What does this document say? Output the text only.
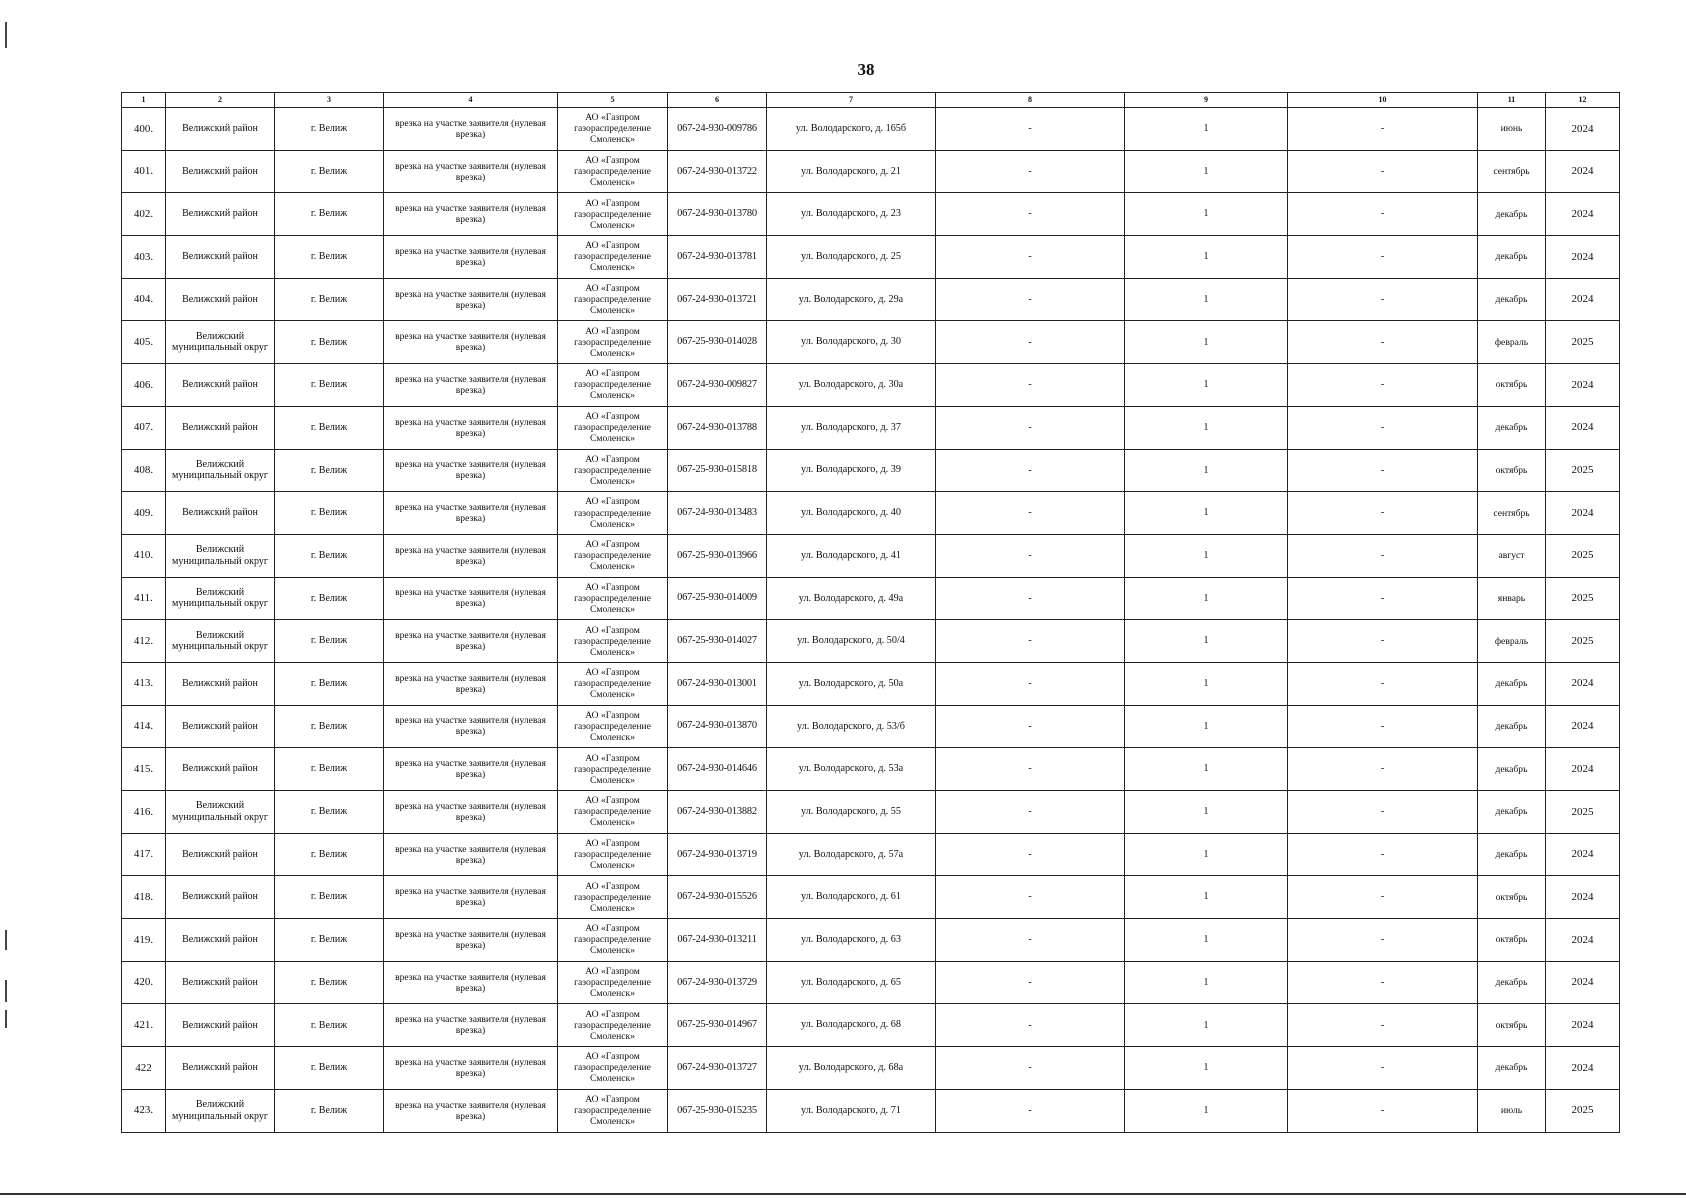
38
1	2	3	4	5	6	7	8	9	10	11	12
400.	Велижский район	г. Велиж	врезка на участке заявителя (нулевая врезка)	АО «Газпром газораспределение Смоленск»	067-24-930-009786	ул. Володарского, д. 165б	-	1	-	июнь	2024
401.	Велижский район	г. Велиж	врезка на участке заявителя (нулевая врезка)	АО «Газпром газораспределение Смоленск»	067-24-930-013722	ул. Володарского, д. 21	-	1	-	сентябрь	2024
402.	Велижский район	г. Велиж	врезка на участке заявителя (нулевая врезка)	АО «Газпром газораспределение Смоленск»	067-24-930-013780	ул. Володарского, д. 23	-	1	-	декабрь	2024
403.	Велижский район	г. Велиж	врезка на участке заявителя (нулевая врезка)	АО «Газпром газораспределение Смоленск»	067-24-930-013781	ул. Володарского, д. 25	-	1	-	декабрь	2024
404.	Велижский район	г. Велиж	врезка на участке заявителя (нулевая врезка)	АО «Газпром газораспределение Смоленск»	067-24-930-013721	ул. Володарского, д. 29а	-	1	-	декабрь	2024
405.	Велижский муниципальный округ	г. Велиж	врезка на участке заявителя (нулевая врезка)	АО «Газпром газораспределение Смоленск»	067-25-930-014028	ул. Володарского, д. 30	-	1	-	февраль	2025
406.	Велижский район	г. Велиж	врезка на участке заявителя (нулевая врезка)	АО «Газпром газораспределение Смоленск»	067-24-930-009827	ул. Володарского, д. 30а	-	1	-	октябрь	2024
407.	Велижский район	г. Велиж	врезка на участке заявителя (нулевая врезка)	АО «Газпром газораспределение Смоленск»	067-24-930-013788	ул. Володарского, д. 37	-	1	-	декабрь	2024
408.	Велижский муниципальный округ	г. Велиж	врезка на участке заявителя (нулевая врезка)	АО «Газпром газораспределение Смоленск»	067-25-930-015818	ул. Володарского, д. 39	-	1	-	октябрь	2025
409.	Велижский район	г. Велиж	врезка на участке заявителя (нулевая врезка)	АО «Газпром газораспределение Смоленск»	067-24-930-013483	ул. Володарского, д. 40	-	1	-	сентябрь	2024
410.	Велижский муниципальный округ	г. Велиж	врезка на участке заявителя (нулевая врезка)	АО «Газпром газораспределение Смоленск»	067-25-930-013966	ул. Володарского, д. 41	-	1	-	август	2025
411.	Велижский муниципальный округ	г. Велиж	врезка на участке заявителя (нулевая врезка)	АО «Газпром газораспределение Смоленск»	067-25-930-014009	ул. Володарского, д. 49а	-	1	-	январь	2025
412.	Велижский муниципальный округ	г. Велиж	врезка на участке заявителя (нулевая врезка)	АО «Газпром газораспределение Смоленск»	067-25-930-014027	ул. Володарского, д. 50/4	-	1	-	февраль	2025
413.	Велижский район	г. Велиж	врезка на участке заявителя (нулевая врезка)	АО «Газпром газораспределение Смоленск»	067-24-930-013001	ул. Володарского, д. 50а	-	1	-	декабрь	2024
414.	Велижский район	г. Велиж	врезка на участке заявителя (нулевая врезка)	АО «Газпром газораспределение Смоленск»	067-24-930-013870	ул. Володарского, д. 53/б	-	1	-	декабрь	2024
415.	Велижский район	г. Велиж	врезка на участке заявителя (нулевая врезка)	АО «Газпром газораспределение Смоленск»	067-24-930-014646	ул. Володарского, д. 53а	-	1	-	декабрь	2024
416.	Велижский муниципальный округ	г. Велиж	врезка на участке заявителя (нулевая врезка)	АО «Газпром газораспределение Смоленск»	067-24-930-013882	ул. Володарского, д. 55	-	1	-	декабрь	2025
417.	Велижский район	г. Велиж	врезка на участке заявителя (нулевая врезка)	АО «Газпром газораспределение Смоленск»	067-24-930-013719	ул. Володарского, д. 57а	-	1	-	декабрь	2024
418.	Велижский район	г. Велиж	врезка на участке заявителя (нулевая врезка)	АО «Газпром газораспределение Смоленск»	067-24-930-015526	ул. Володарского, д. 61	-	1	-	октябрь	2024
419.	Велижский район	г. Велиж	врезка на участке заявителя (нулевая врезка)	АО «Газпром газораспределение Смоленск»	067-24-930-013211	ул. Володарского, д. 63	-	1	-	октябрь	2024
420.	Велижский район	г. Велиж	врезка на участке заявителя (нулевая врезка)	АО «Газпром газораспределение Смоленск»	067-24-930-013729	ул. Володарского, д. 65	-	1	-	декабрь	2024
421.	Велижский район	г. Велиж	врезка на участке заявителя (нулевая врезка)	АО «Газпром газораспределение Смоленск»	067-25-930-014967	ул. Володарского, д. 68	-	1	-	октябрь	2024
422	Велижский район	г. Велиж	врезка на участке заявителя (нулевая врезка)	АО «Газпром газораспределение Смоленск»	067-24-930-013727	ул. Володарского, д. 68а	-	1	-	декабрь	2024
423.	Велижский муниципальный округ	г. Велиж	врезка на участке заявителя (нулевая врезка)	АО «Газпром газораспределение Смоленск»	067-25-930-015235	ул. Володарского, д. 71	-	1	-	июль	2025
